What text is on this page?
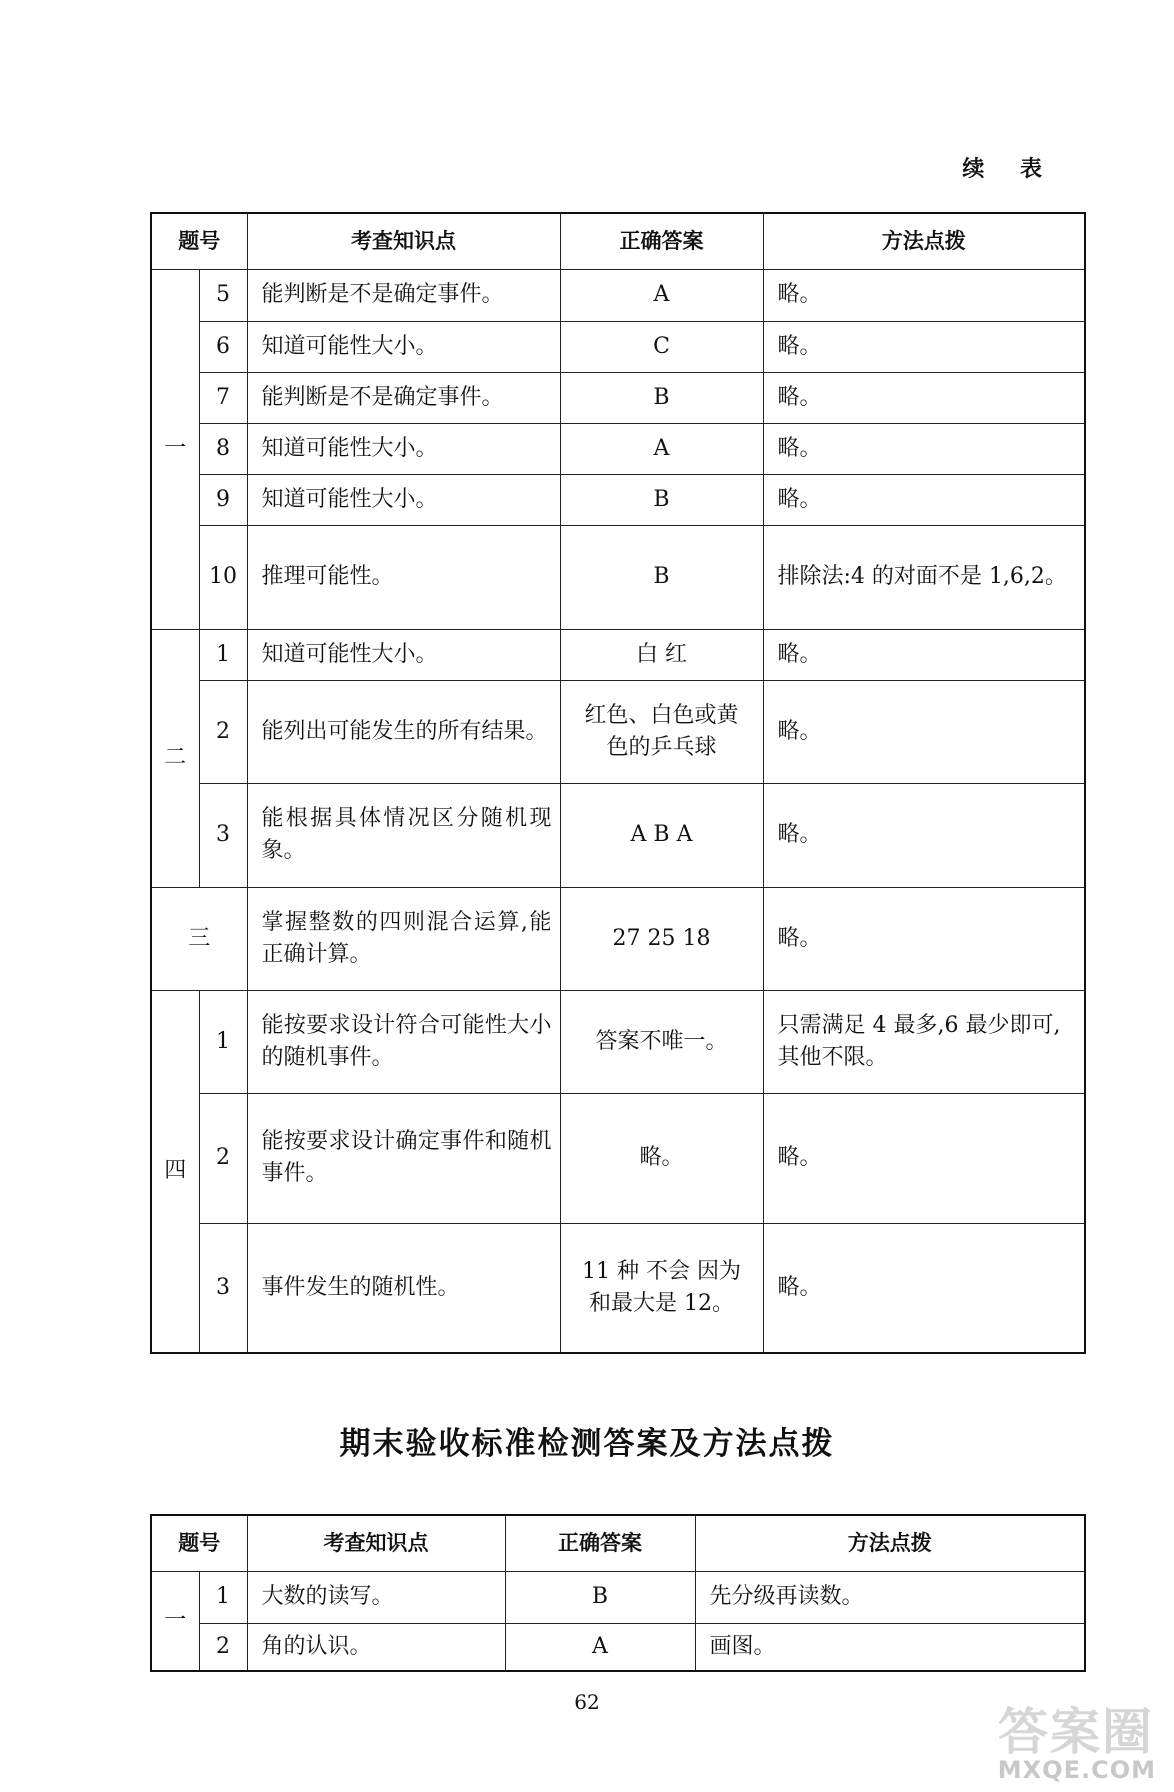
续 表
题号		考查知识点	正确答案	方法点拨
一	5	能判断是不是确定事件。	A	略。
	6	知道可能性大小。	C	略。
	7	能判断是不是确定事件。	B	略。
	8	知道可能性大小。	A	略。
	9	知道可能性大小。	B	略。
	10	推理可能性。	B	排除法:4 的对面不是 1,6,2。
二	1	知道可能性大小。	白 红	略。
	2	能列出可能发生的所有结果。	红色、白色或黄色的乒乓球	略。
	3	能根据具体情况区分随机现象。	A B A	略。
三		掌握整数的四则混合运算,能正确计算。	27 25 18	略。
四	1	能按要求设计符合可能性大小的随机事件。	答案不唯一。	只需满足 4 最多,6 最少即可,其他不限。
	2	能按要求设计确定事件和随机事件。	略。	略。
	3	事件发生的随机性。	11 种 不会 因为和最大是 12。	略。
期末验收标准检测答案及方法点拨
题号		考查知识点	正确答案	方法点拨
一	1	大数的读写。	B	先分级再读数。
	2	角的认识。	A	画图。
62
答案圈
MXQE.COM
